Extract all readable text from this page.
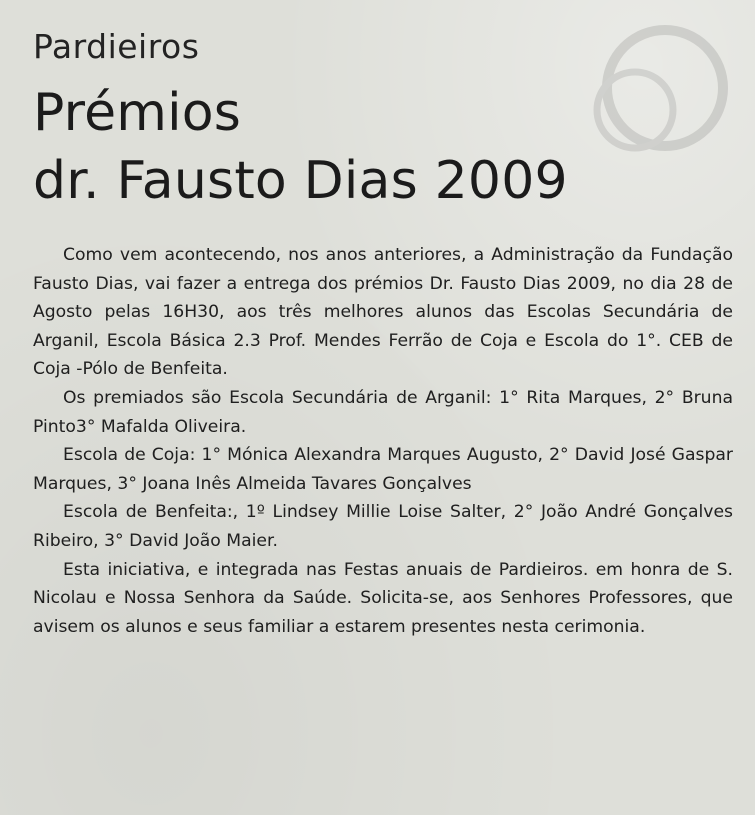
Pardieiros
Prémios
dr. Fausto Dias 2009

Como vem acontecendo, nos anos anteriores, a Administração da Fundação Fausto Dias, vai fazer a entrega dos prémios Dr. Fausto Dias 2009, no dia 28 de Agosto pelas 16H30, aos três melhores alunos das Escolas Secundária de Arganil, Escola Básica 2.3 Prof. Mendes Ferrão de Coja e Escola do 1°. CEB de Coja -Pólo de Benfeita.

Os premiados são Escola Secundária de Arganil: 1° Rita Marques, 2° Bruna Pinto3° Mafalda Oliveira.

Escola de Coja: 1° Mónica Alexandra Marques Augusto, 2° David José Gaspar Marques, 3° Joana Inês Almeida Tavares Gonçalves

Escola de Benfeita:, 1º Lindsey Millie Loise Salter, 2° João André Gonçalves Ribeiro, 3° David João Maier.

Esta iniciativa, e integrada nas Festas anuais de Pardieiros. em honra de S. Nicolau e Nossa Senhora da Saúde. Solicita-se, aos Senhores Professores, que avisem os alunos e seus familiar a estarem presentes nesta cerimonia.
